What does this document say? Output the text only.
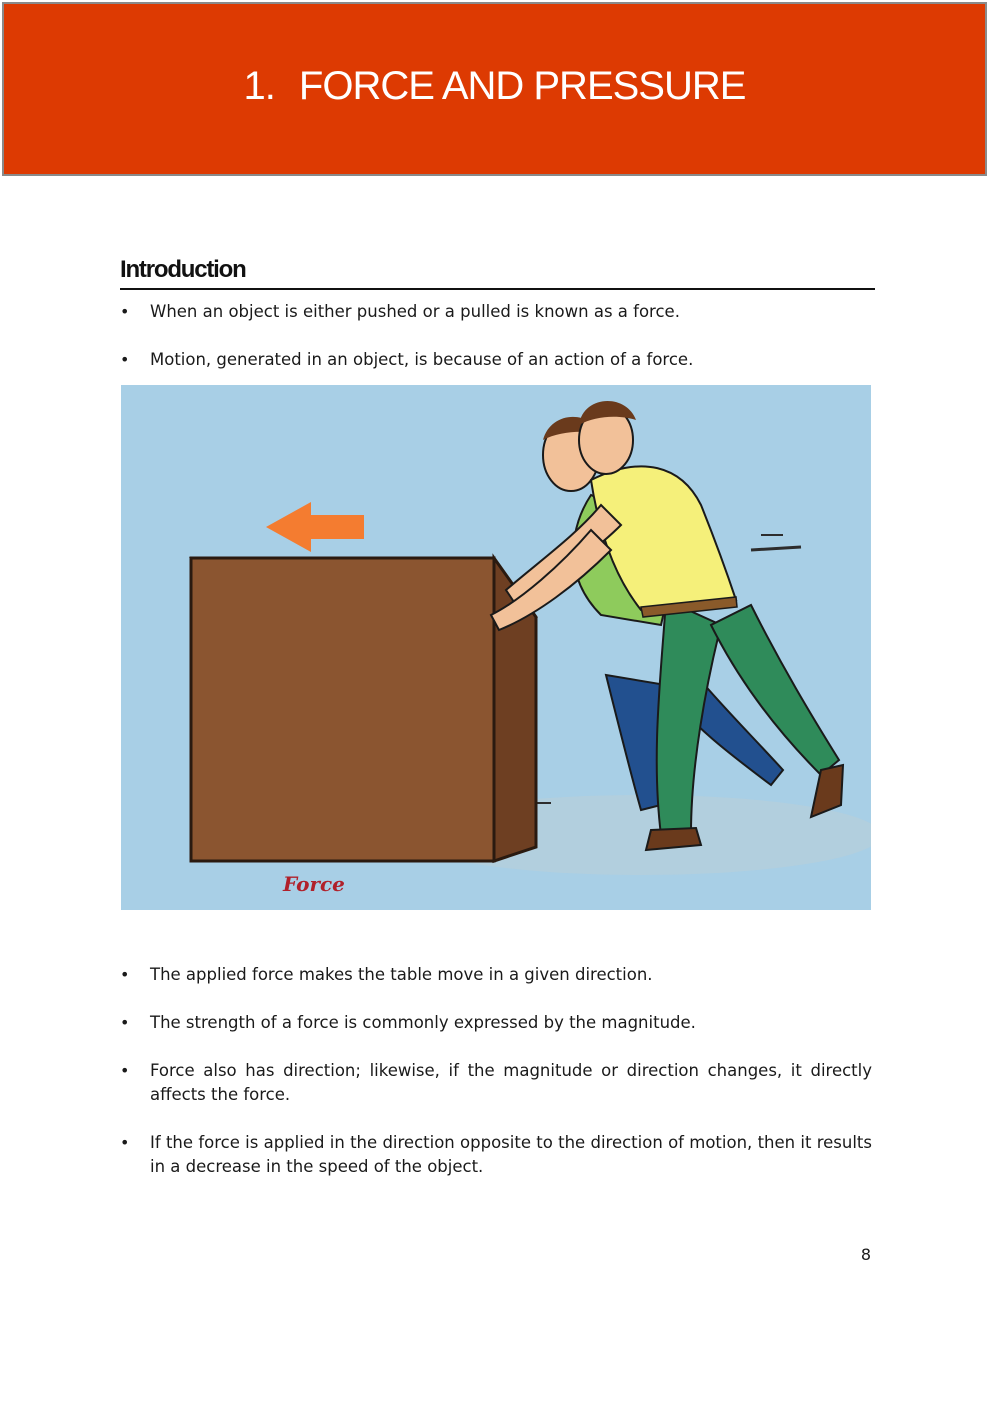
1. FORCE AND PRESSURE
Introduction
• When an object is either pushed or a pulled is known as a force.
• Motion, generated in an object, is because of an action of a force.
Force
• The applied force makes the table move in a given direction.
• The strength of a force is commonly expressed by the magnitude.
• Force also has direction; likewise, if the magnitude or direction changes, it directly affects the force.
• If the force is applied in the direction opposite to the direction of motion, then it results in a decrease in the speed of the object.
8
